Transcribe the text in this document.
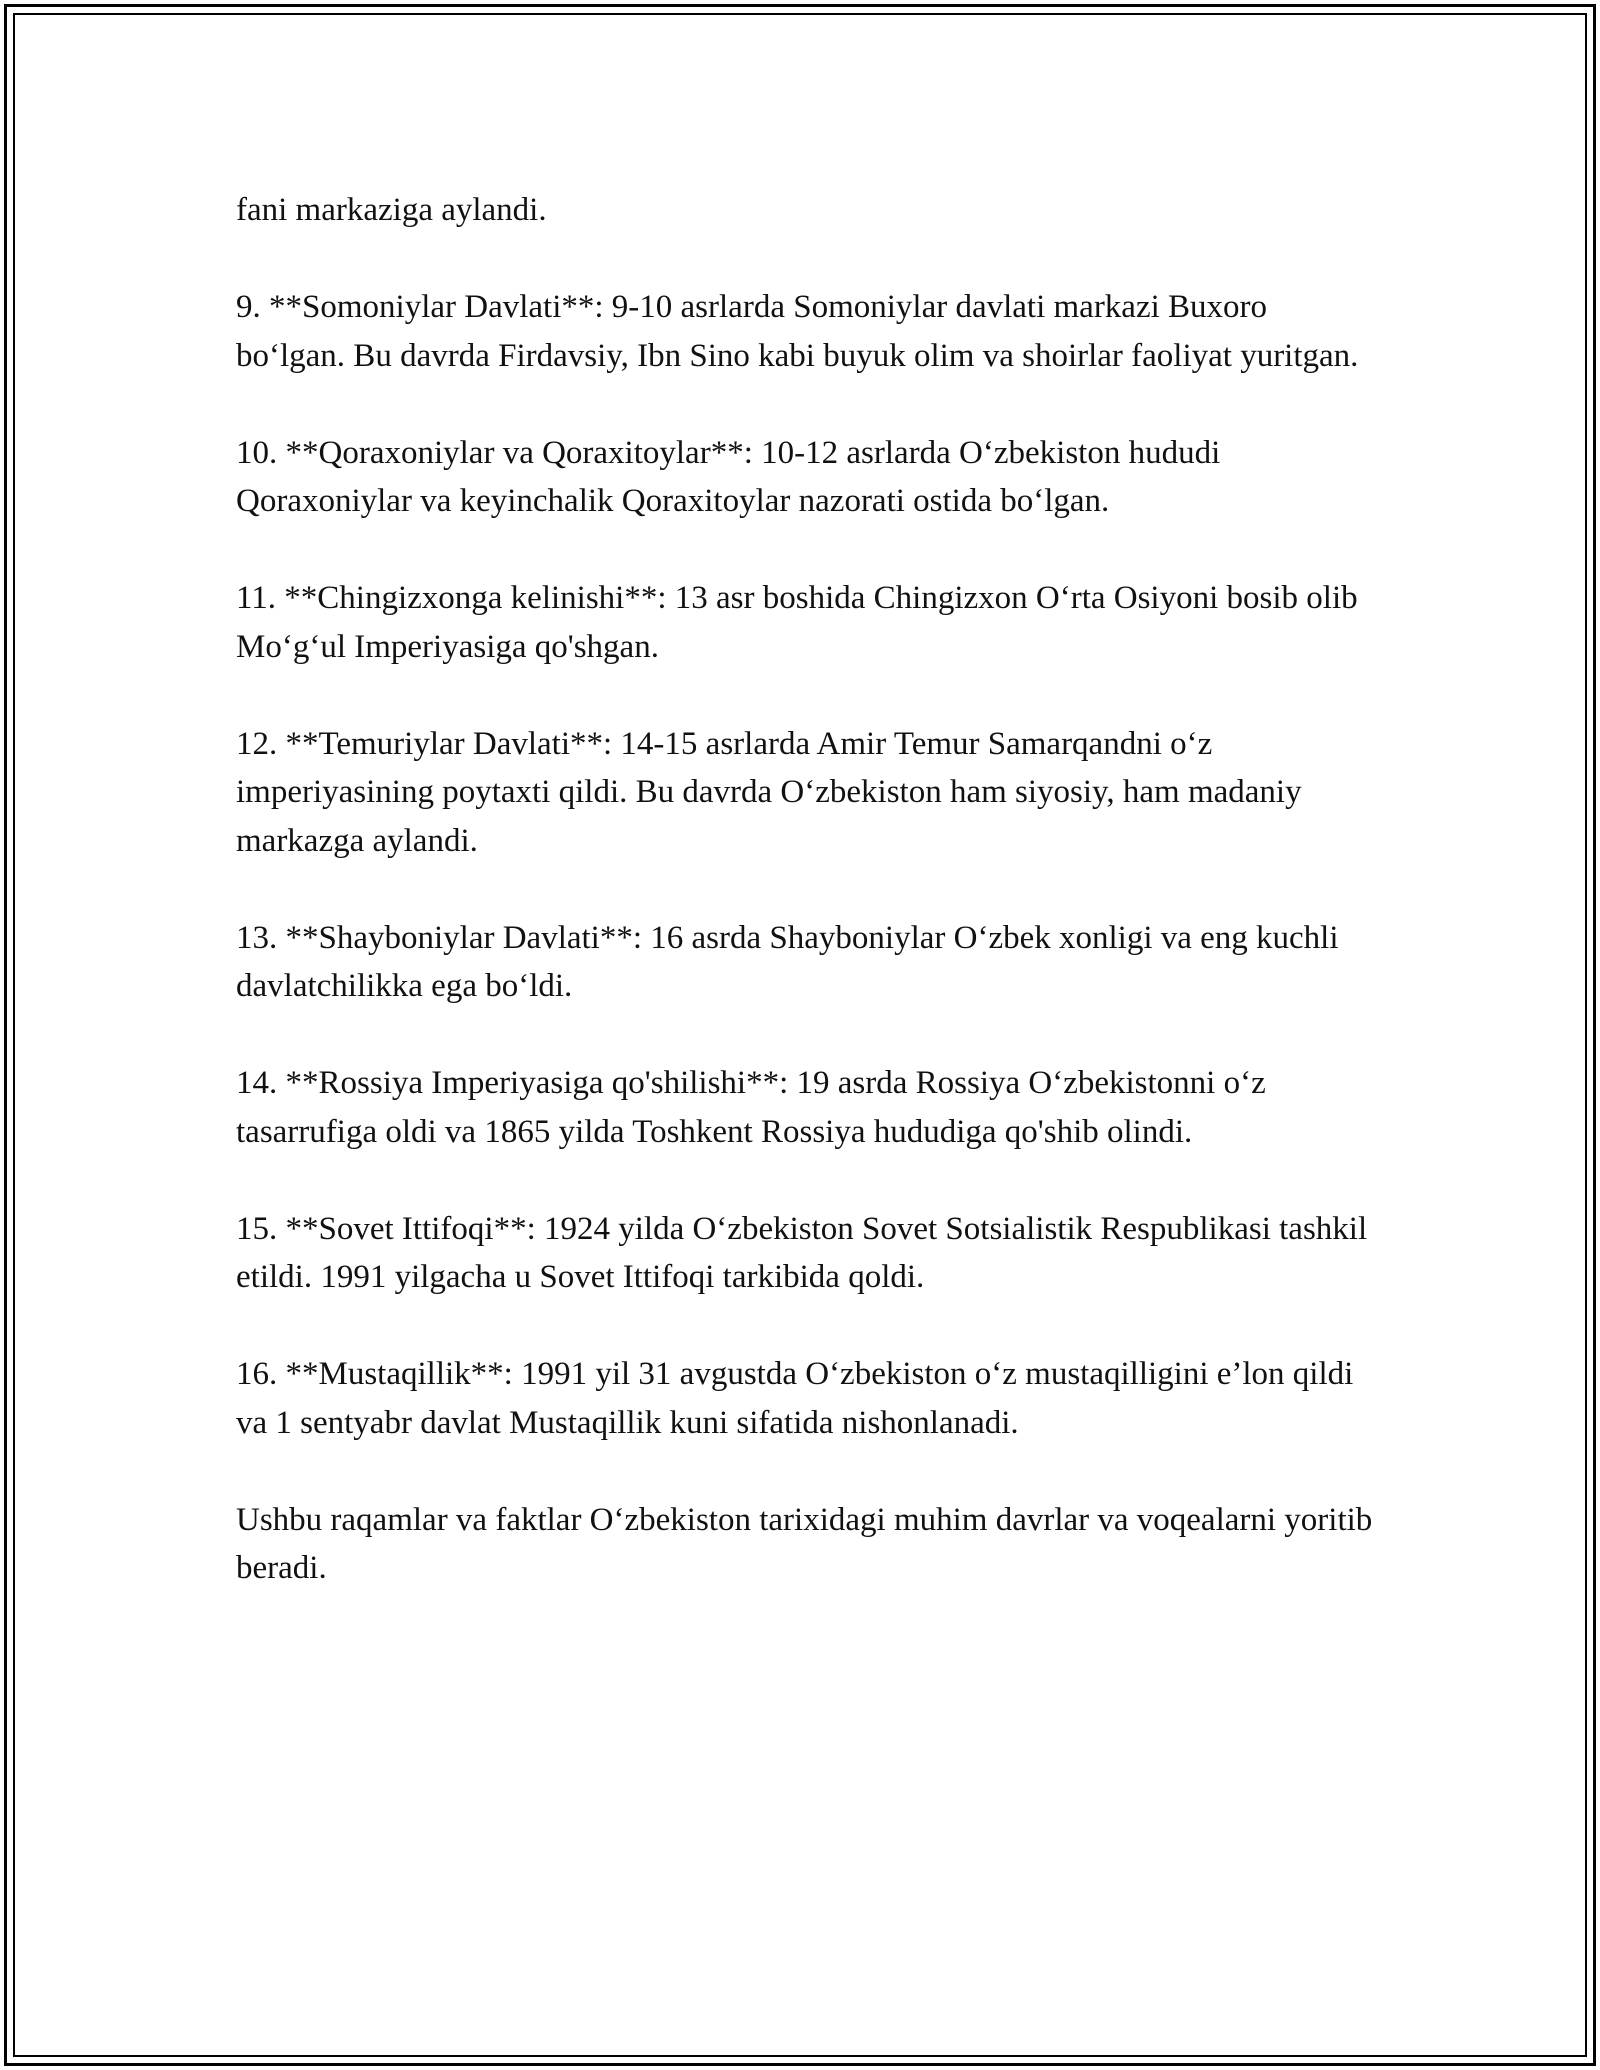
fani markaziga aylandi.

9. **Somoniylar Davlati**: 9-10 asrlarda Somoniylar davlati markazi Buxoro bo‘lgan. Bu davrda Firdavsiy, Ibn Sino kabi buyuk olim va shoirlar faoliyat yuritgan.

10. **Qoraxoniylar va Qoraxitoylar**: 10-12 asrlarda O‘zbekiston hududi Qoraxoniylar va keyinchalik Qoraxitoylar nazorati ostida bo‘lgan.

11. **Chingizxonga kelinishi**: 13 asr boshida Chingizxon O‘rta Osiyoni bosib olib Mo‘g‘ul Imperiyasiga qo'shgan.

12. **Temuriylar Davlati**: 14-15 asrlarda Amir Temur Samarqandni o‘z imperiyasining poytaxti qildi. Bu davrda O‘zbekiston ham siyosiy, ham madaniy markazga aylandi.

13. **Shayboniylar Davlati**: 16 asrda Shayboniylar O‘zbek xonligi va eng kuchli davlatchilikka ega bo‘ldi.

14. **Rossiya Imperiyasiga qo'shilishi**: 19 asrda Rossiya O‘zbekistonni o‘z tasarrufiga oldi va 1865 yilda Toshkent Rossiya hududiga qo'shib olindi.

15. **Sovet Ittifoqi**: 1924 yilda O‘zbekiston Sovet Sotsialistik Respublikasi tashkil etildi. 1991 yilgacha u Sovet Ittifoqi tarkibida qoldi.

16. **Mustaqillik**: 1991 yil 31 avgustda O‘zbekiston o‘z mustaqilligini e’lon qildi va 1 sentyabr davlat Mustaqillik kuni sifatida nishonlanadi.

Ushbu raqamlar va faktlar O‘zbekiston tarixidagi muhim davrlar va voqealarni yoritib beradi.
